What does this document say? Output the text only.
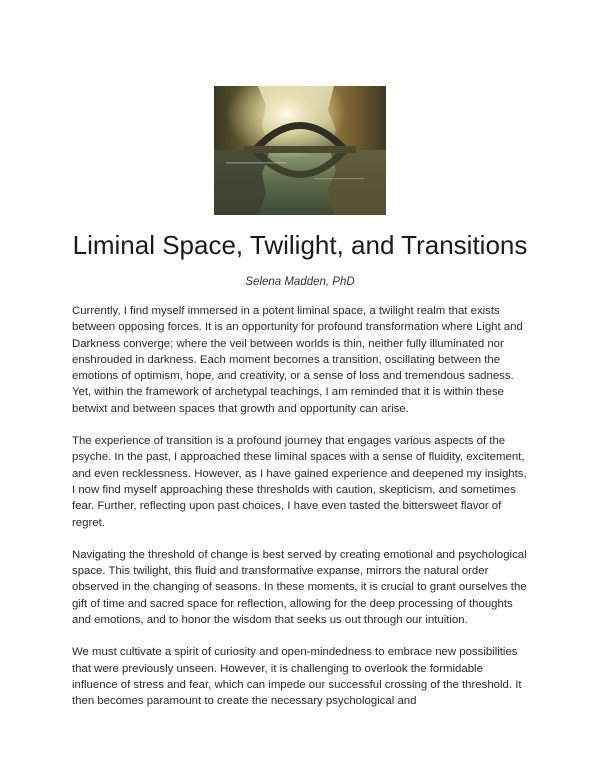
Liminal Space, Twilight, and Transitions
Selena Madden, PhD

Currently, I find myself immersed in a potent liminal space, a twilight realm that exists between opposing forces. It is an opportunity for profound transformation where Light and Darkness converge; where the veil between worlds is thin, neither fully illuminated nor enshrouded in darkness. Each moment becomes a transition, oscillating between the emotions of optimism, hope, and creativity, or a sense of loss and tremendous sadness. Yet, within the framework of archetypal teachings, I am reminded that it is within these betwixt and between spaces that growth and opportunity can arise.

The experience of transition is a profound journey that engages various aspects of the psyche. In the past, I approached these liminal spaces with a sense of fluidity, excitement, and even recklessness. However, as I have gained experience and deepened my insights, I now find myself approaching these thresholds with caution, skepticism, and sometimes fear. Further, reflecting upon past choices, I have even tasted the bittersweet flavor of regret.

Navigating the threshold of change is best served by creating emotional and psychological space. This twilight, this fluid and transformative expanse, mirrors the natural order observed in the changing of seasons. In these moments, it is crucial to grant ourselves the gift of time and sacred space for reflection, allowing for the deep processing of thoughts and emotions, and to honor the wisdom that seeks us out through our intuition.

We must cultivate a spirit of curiosity and open-mindedness to embrace new possibilities that were previously unseen. However, it is challenging to overlook the formidable influence of stress and fear, which can impede our successful crossing of the threshold. It then becomes paramount to create the necessary psychological and
